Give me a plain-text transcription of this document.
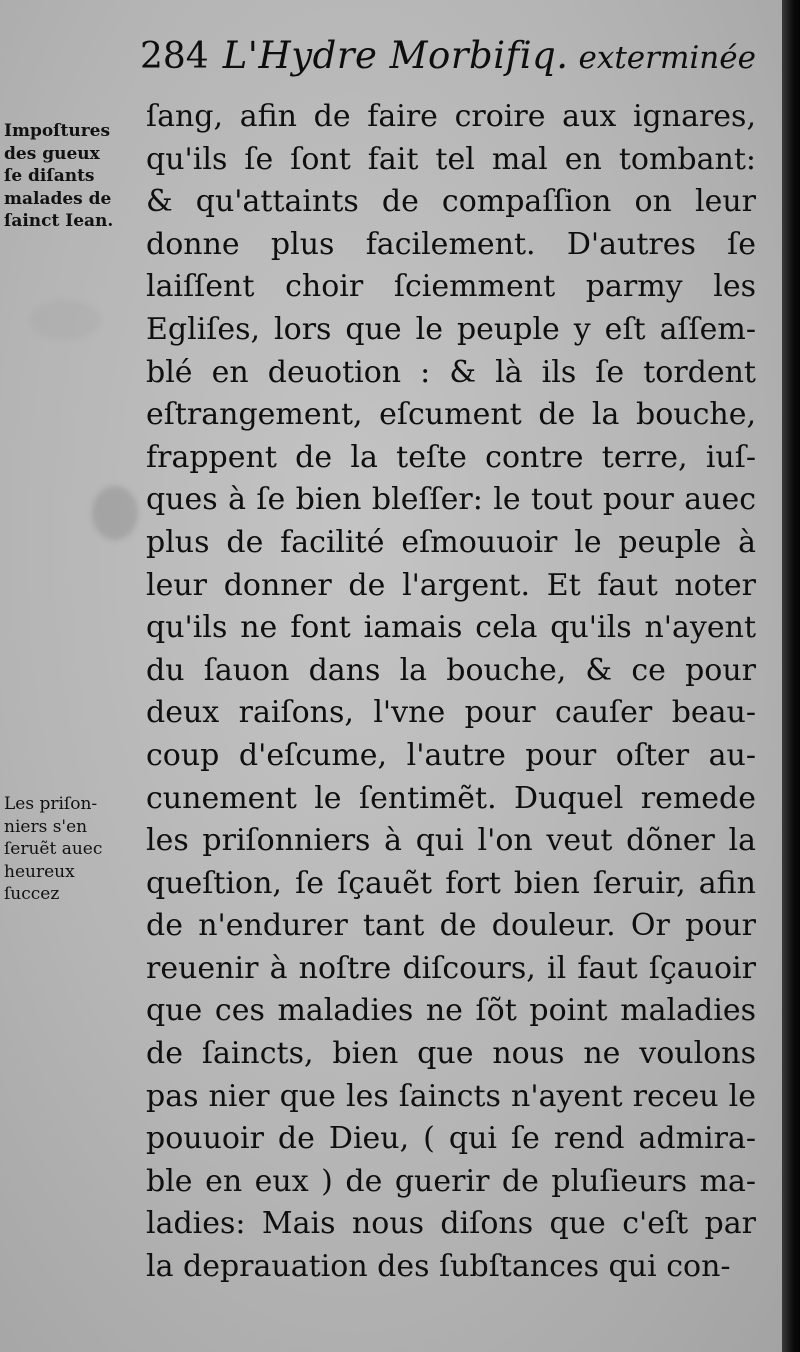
284 L'Hydre Morbifiq. exterminée
Impoſtures
des gueux
ſe diſants
malades de
ſainct Iean.
Les priſon-
niers s'en
ſeruẽt auec
heureux
ſuccez
ſang, afin de faire croire aux ignares,
qu'ils ſe ſont fait tel mal en tombant:
& qu'attaints de compaſſion on leur
donne plus facilement. D'autres ſe
laiſſent choir ſciemment parmy les
Egliſes, lors que le peuple y eſt aſſem-
blé en deuotion : & là ils ſe tordent
eſtrangement, eſcument de la bouche,
frappent de la teſte contre terre, iuſ-
ques à ſe bien bleſſer: le tout pour auec
plus de facilité eſmouuoir le peuple à
leur donner de l'argent. Et faut noter
qu'ils ne font iamais cela qu'ils n'ayent
du ſauon dans la bouche, & ce pour
deux raiſons, l'vne pour cauſer beau-
coup d'eſcume, l'autre pour oſter au-
cunement le ſentimẽt. Duquel remede
les priſonniers à qui l'on veut dõner la
queſtion, ſe ſçauẽt fort bien ſeruir, afin
de n'endurer tant de douleur. Or pour
reuenir à noſtre diſcours, il faut ſçauoir
que ces maladies ne ſõt point maladies
de ſaincts, bien que nous ne voulons
pas nier que les ſaincts n'ayent receu le
pouuoir de Dieu, ( qui ſe rend admira-
ble en eux ) de guerir de pluſieurs ma-
ladies: Mais nous diſons que c'eſt par
la deprauation des ſubſtances qui con-
